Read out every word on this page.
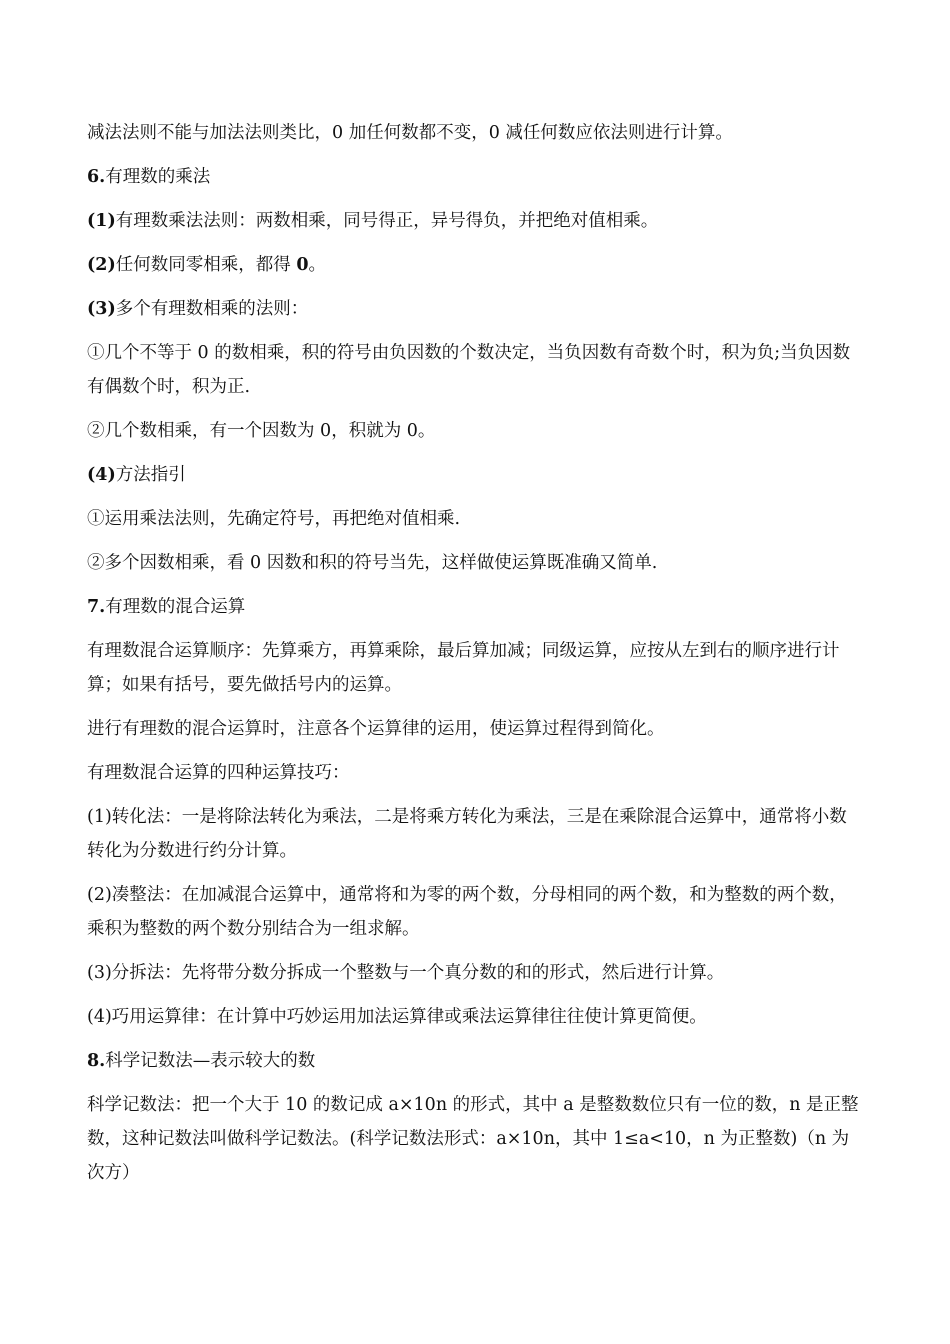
减法法则不能与加法法则类比，0 加任何数都不变，0 减任何数应依法则进行计算。

6.有理数的乘法

(1)有理数乘法法则：两数相乘，同号得正，异号得负，并把绝对值相乘。

(2)任何数同零相乘，都得 0。

(3)多个有理数相乘的法则：

①几个不等于 0 的数相乘，积的符号由负因数的个数决定，当负因数有奇数个时，积为负;当负因数有偶数个时，积为正.

②几个数相乘，有一个因数为 0，积就为 0。

(4)方法指引

①运用乘法法则，先确定符号，再把绝对值相乘.

②多个因数相乘，看 0 因数和积的符号当先，这样做使运算既准确又简单.

7.有理数的混合运算

有理数混合运算顺序：先算乘方，再算乘除，最后算加减；同级运算，应按从左到右的顺序进行计算；如果有括号，要先做括号内的运算。

进行有理数的混合运算时，注意各个运算律的运用，使运算过程得到简化。

有理数混合运算的四种运算技巧：

(1)转化法：一是将除法转化为乘法，二是将乘方转化为乘法，三是在乘除混合运算中，通常将小数转化为分数进行约分计算。

(2)凑整法：在加减混合运算中，通常将和为零的两个数，分母相同的两个数，和为整数的两个数，乘积为整数的两个数分别结合为一组求解。

(3)分拆法：先将带分数分拆成一个整数与一个真分数的和的形式，然后进行计算。

(4)巧用运算律：在计算中巧妙运用加法运算律或乘法运算律往往使计算更简便。

8.科学记数法—表示较大的数

科学记数法：把一个大于 10 的数记成 a×10n 的形式，其中 a 是整数数位只有一位的数，n 是正整数，这种记数法叫做科学记数法。(科学记数法形式：a×10n，其中 1≤a<10，n 为正整数)（n 为次方）
